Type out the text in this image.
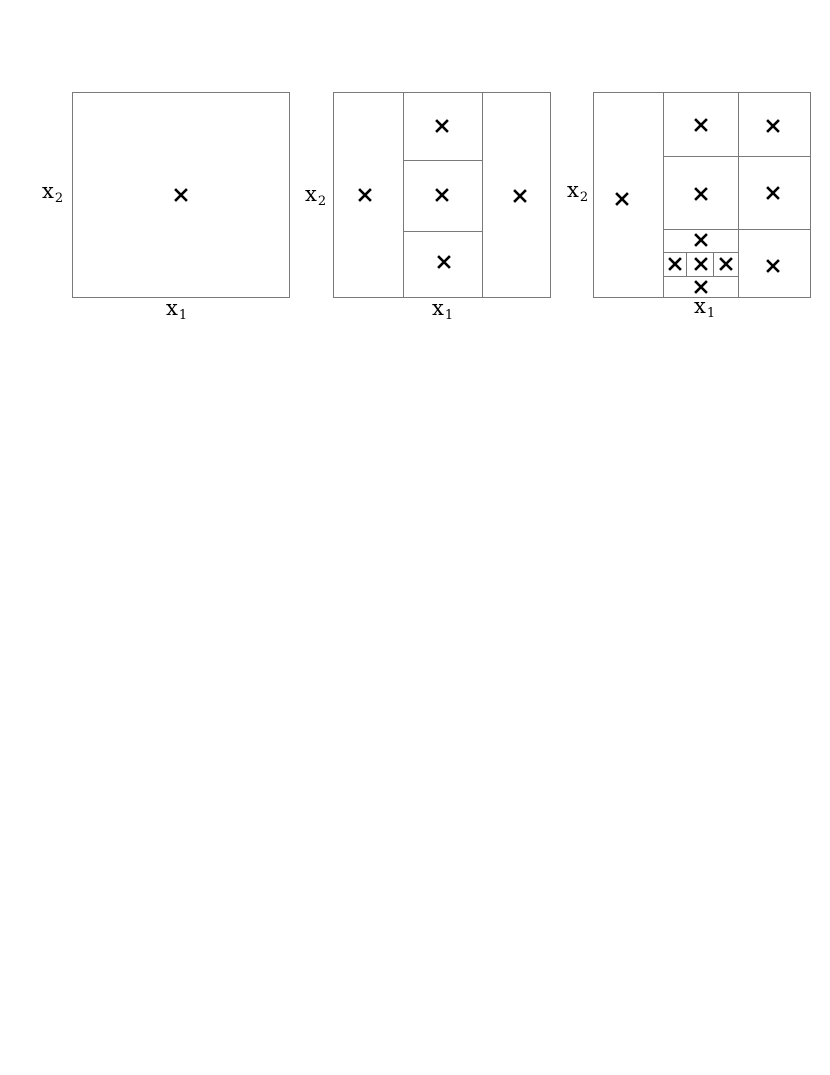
$x_2$
$x_1$
$x_2$
$x_1$
$x_2$
$x_1$
